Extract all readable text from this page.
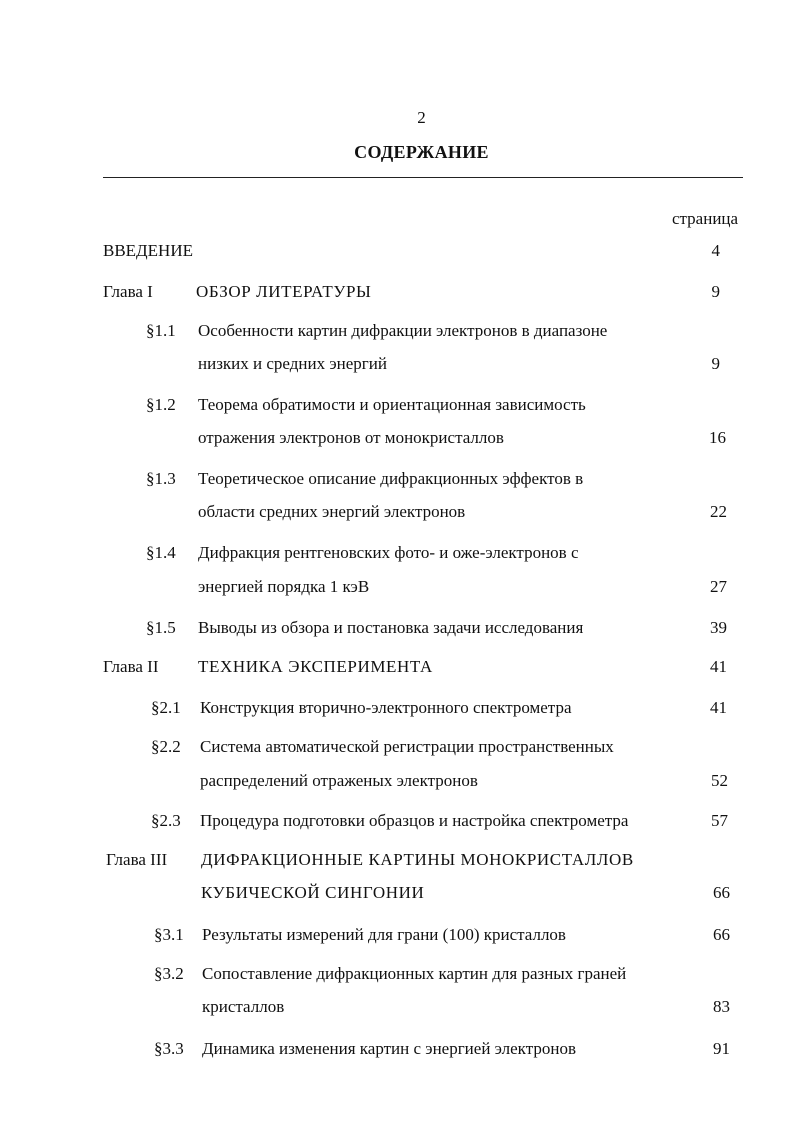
2
СОДЕРЖАНИЕ
страница
ВВЕДЕНИЕ	4
Глава I	ОБЗОР ЛИТЕРАТУРЫ	9
§1.1 Особенности картин дифракции электронов в диапазоне
низких и средних энергий	9
§1.2 Теорема обратимости и ориентационная зависимость
отражения электронов от монокристаллов	16
§1.3 Теоретическое описание дифракционных эффектов в
области средних энергий электронов	22
§1.4 Дифракция рентгеновских фото- и оже-электронов с
энергией порядка 1 кэВ	27
§1.5 Выводы из обзора и постановка задачи исследования	39
Глава II ТЕХНИКА ЭКСПЕРИМЕНТА	41
§2.1 Конструкция вторично-электронного спектрометра	41
§2.2 Система автоматической регистрации пространственных
распределений отраженых электронов	52
§2.3 Процедура подготовки образцов и настройка спектрометра	57
Глава III ДИФРАКЦИОННЫЕ КАРТИНЫ МОНОКРИСТАЛЛОВ
КУБИЧЕСКОЙ СИНГОНИИ	66
§3.1 Результаты измерений для грани (100) кристаллов	66
§3.2 Сопоставление дифракционных картин для разных граней
кристаллов	83
§3.3 Динамика изменения картин с энергией электронов	91
